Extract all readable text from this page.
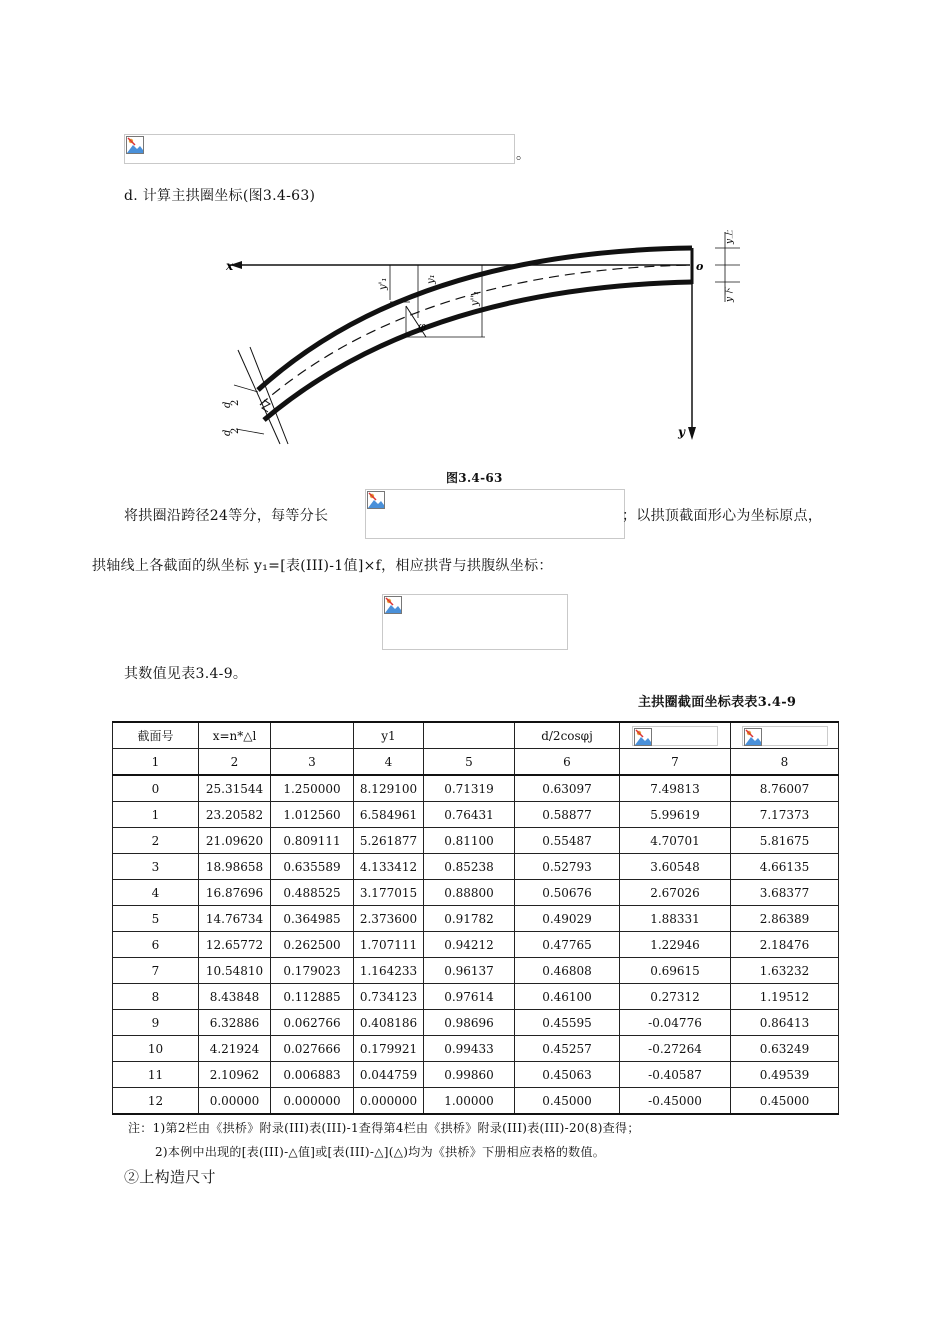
。
d. 计算主拱圈坐标(图3.4-63)
x	o
y
y₁
y'₁
y''₁
φ
d
2
d
2
y上
y下
图3.4-63
将拱圈沿跨径24等分，每等分长	；以拱顶截面形心为坐标原点，
拱轴线上各截面的纵坐标 y₁=[表(III)-1值]×f，相应拱背与拱腹纵坐标：
其数值见表3.4-9。
主拱圈截面坐标表表3.4-9
截面号	x=n*△l		y1		d/2cosφj	

1	2	3	4	5	6	7	8
0	25.31544	1.250000	8.129100	0.71319	0.63097	7.49813	8.76007
1	23.20582	1.012560	6.584961	0.76431	0.58877	5.99619	7.17373
2	21.09620	0.809111	5.261877	0.81100	0.55487	4.70701	5.81675
3	18.98658	0.635589	4.133412	0.85238	0.52793	3.60548	4.66135
4	16.87696	0.488525	3.177015	0.88800	0.50676	2.67026	3.68377
5	14.76734	0.364985	2.373600	0.91782	0.49029	1.88331	2.86389
6	12.65772	0.262500	1.707111	0.94212	0.47765	1.22946	2.18476
7	10.54810	0.179023	1.164233	0.96137	0.46808	0.69615	1.63232
8	8.43848	0.112885	0.734123	0.97614	0.46100	0.27312	1.19512
9	6.32886	0.062766	0.408186	0.98696	0.45595	-0.04776	0.86413
10	4.21924	0.027666	0.179921	0.99433	0.45257	-0.27264	0.63249
11	2.10962	0.006883	0.044759	0.99860	0.45063	-0.40587	0.49539
12	0.00000	0.000000	0.000000	1.00000	0.45000	-0.45000	0.45000
注：1)第2栏由《拱桥》附录(III)表(III)-1查得第4栏由《拱桥》附录(III)表(III)-20(8)查得；
2)本例中出现的[表(III)-△值]或[表(III)-△](△)均为《拱桥》下册相应表格的数值。
②上构造尺寸
